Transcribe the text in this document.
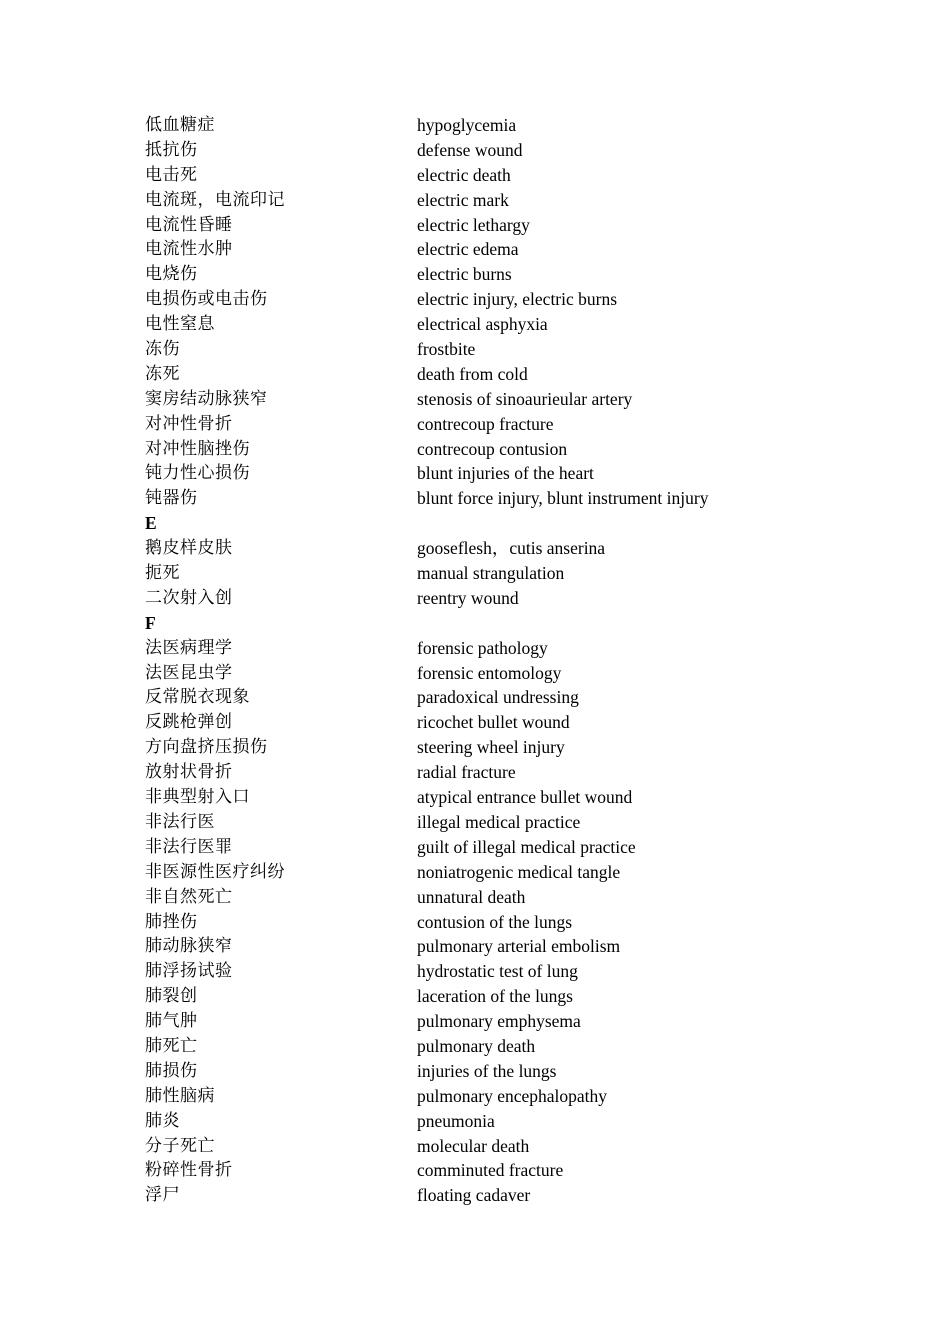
低血糖症	hypoglycemia
抵抗伤	defense wound
电击死	electric death
电流斑，电流印记	electric mark
电流性昏睡	electric lethargy
电流性水肿	electric edema
电烧伤	electric burns
电损伤或电击伤	electric injury, electric burns
电性窒息	electrical asphyxia
冻伤	frostbite
冻死	death from cold
窦房结动脉狭窄	stenosis of sinoaurieular artery
对冲性骨折	contrecoup fracture
对冲性脑挫伤	contrecoup contusion
钝力性心损伤	blunt injuries of the heart
钝器伤	blunt force injury, blunt instrument injury
E
鹅皮样皮肤	gooseflesh，cutis anserina
扼死	manual strangulation
二次射入创	reentry wound
F
法医病理学	forensic pathology
法医昆虫学	forensic entomology
反常脱衣现象	paradoxical undressing
反跳枪弹创	ricochet bullet wound
方向盘挤压损伤	steering wheel injury
放射状骨折	radial fracture
非典型射入口	atypical entrance bullet wound
非法行医	illegal medical practice
非法行医罪	guilt of illegal medical practice
非医源性医疗纠纷	noniatrogenic medical tangle
非自然死亡	unnatural death
肺挫伤	contusion of the lungs
肺动脉狭窄	pulmonary arterial embolism
肺浮扬试验	hydrostatic test of lung
肺裂创	laceration of the lungs
肺气肿	pulmonary emphysema
肺死亡	pulmonary death
肺损伤	injuries of the lungs
肺性脑病	pulmonary encephalopathy
肺炎	pneumonia
分子死亡	molecular death
粉碎性骨折	comminuted fracture
浮尸	floating cadaver
